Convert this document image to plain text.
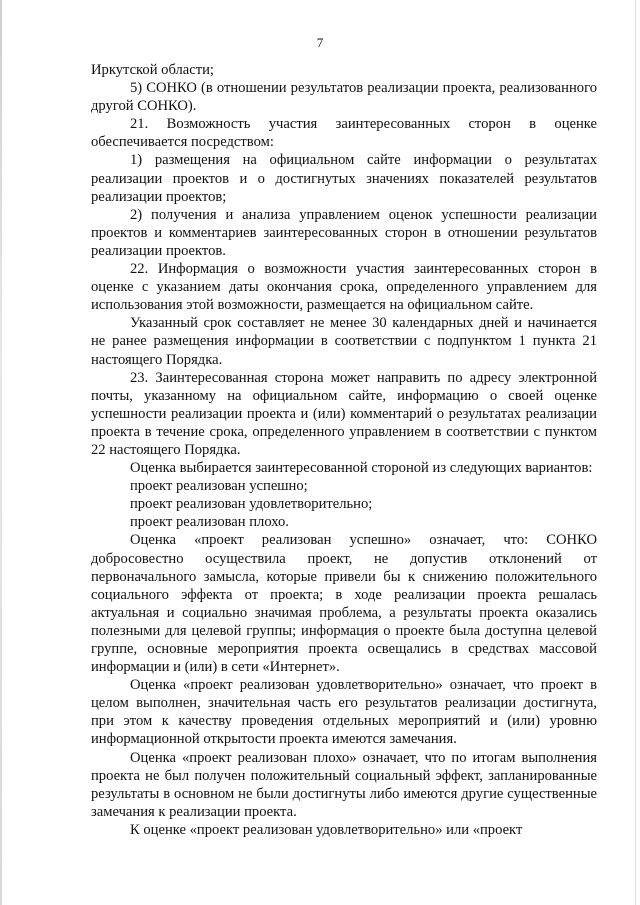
7

Иркутской области;

5) СОНКО (в отношении результатов реализации проекта, реализованного другой СОНКО).

21. Возможность участия заинтересованных сторон в оценке обеспечивается посредством:

1) размещения на официальном сайте информации о результатах реализации проектов и о достигнутых значениях показателей результатов реализации проектов;

2) получения и анализа управлением оценок успешности реализации проектов и комментариев заинтересованных сторон в отношении результатов реализации проектов.

22. Информация о возможности участия заинтересованных сторон в оценке с указанием даты окончания срока, определенного управлением для использования этой возможности, размещается на официальном сайте.

Указанный срок составляет не менее 30 календарных дней и начинается не ранее размещения информации в соответствии с подпунктом 1 пункта 21 настоящего Порядка.

23. Заинтересованная сторона может направить по адресу электронной почты, указанному на официальном сайте, информацию о своей оценке успешности реализации проекта и (или) комментарий о результатах реализации проекта в течение срока, определенного управлением в соответствии с пунктом 22 настоящего Порядка.

Оценка выбирается заинтересованной стороной из следующих вариантов:

проект реализован успешно;

проект реализован удовлетворительно;

проект реализован плохо.

Оценка «проект реализован успешно» означает, что: СОНКО добросовестно осуществила проект, не допустив отклонений от первоначального замысла, которые привели бы к снижению положительного социального эффекта от проекта; в ходе реализации проекта решалась актуальная и социально значимая проблема, а результаты проекта оказались полезными для целевой группы; информация о проекте была доступна целевой группе, основные мероприятия проекта освещались в средствах массовой информации и (или) в сети «Интернет».

Оценка «проект реализован удовлетворительно» означает, что проект в целом выполнен, значительная часть его результатов реализации достигнута, при этом к качеству проведения отдельных мероприятий и (или) уровню информационной открытости проекта имеются замечания.

Оценка «проект реализован плохо» означает, что по итогам выполнения проекта не был получен положительный социальный эффект, запланированные результаты в основном не были достигнуты либо имеются другие существенные замечания к реализации проекта.

К оценке «проект реализован удовлетворительно» или «проект
